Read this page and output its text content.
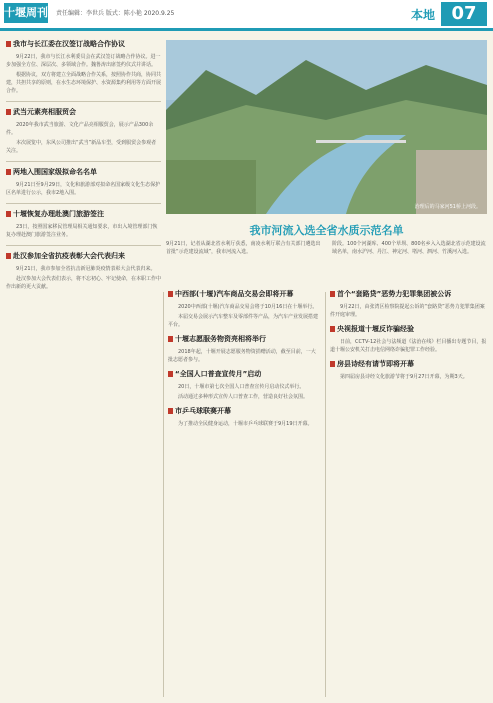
十堰周刊 责任编辑：李世兵 版式：陈小艳 2020.9.25	本地 07
我市与长江委在汉签订战略合作协议

9月22日，我市与长江水利委员会在武汉签订战略合作协议。进一步加强全方位、深层次、多领域合作。魏鲁涛出席签约仪式并讲话。

根据协议，双方将建立全面战略合作关系，按照协作共商，协同共建，共担共享的原则，在水生态环境保护、水资源集约利用等方面开展合作。

武当元素亮相服贸会

2020年我市武当旅游、文化产品亮相服贸会，展示产品300余件。

本次展览中，东风公司推出“武当”新品车型，受到服贸会参观者关注。

两地入围国家级拟命名名单

9月21日至9月29日，文化和旅游部对拟命名国家级文化生态保护区名单进行公示，我市2地入围。

十堰恢复办理赴澳门旅游签注

23日，按照国家移民管理局相关通知要求，市出入境管理部门恢复办理赴澳门旅游签注业务。

赴汉参加全省抗疫表彰大会代表归来

9月21日，我市参加全省抗击新冠肺炎疫情表彰大会代表归来。

赴汉参加大会代表们表示，将不忘初心、牢记使命，在本职工作中作出新的更大贡献。

治理后的马家河51桥上河段。
我市河流入选全省水质示范名单

9月21日，记者从湖北省水利厅获悉，南凌水利厅联合有关部门遴选出首批“示范建设流域”，我市河流入选。

阶段。100个河湖库、400个草坝、800名乡入入选湖北省示范建设流域名单，南水沪河、丹江、神定河、堵河、泗河、竹溪河入选。

中西部(十堰)汽车商品交易会即将开幕

2020中西部(十堰)汽车商品交易会将于10月16日在十堰举行。

本届交易会展示汽车整车及零部件等产品，为汽车产业发展搭建平台。

十堰志愿服务物资亮相将举行

2018年起，十堰开展志愿服务物资捐赠活动，截至目前，一大批志愿者参与。

“全国人口普查宣传月”启动

20日，十堰市第七次全国人口普查宣传月启动仪式举行。

活动通过多种形式宣传人口普查工作，营造良好社会氛围。

市乒乓球联赛开幕

为了推动全民健身运动，十堰市乒乓球联赛于9月19日开幕。

首个“套路贷”恶势力犯罪集团被公诉

9月22日，由张湾区检察院提起公诉的“套路贷”恶势力犯罪集团案件开庭审理。

央视报道十堰反诈骗经验

日前，CCTV-12社会与法频道《法治在线》栏目播出专题节目，报道十堰公安机关打击电信网络诈骗犯罪工作经验。

房县诗经有请节即将开幕

第四届房县诗经文化旅游节将于9月27日开幕，为期3天。
